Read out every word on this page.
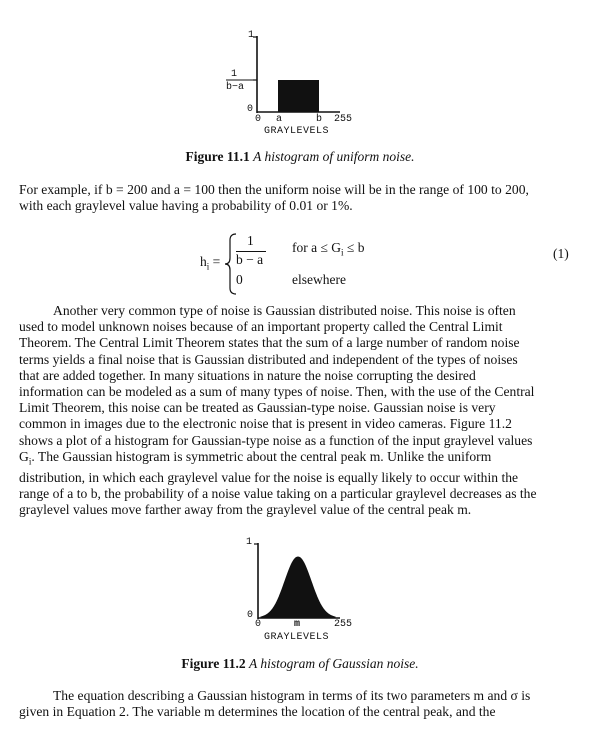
1
1
b−a
0
0 a	b 255
GRAYLEVELS
Figure 11.1 A histogram of uniform noise.
For example, if b = 200 and a = 100 then the uniform noise will be in the range of 100 to 200,
with each graylevel value having a probability of 0.01 or 1%.
$h_i$ =
1
b − a
0
for $a \le G_i \le b$
elsewhere
(1)
Another very common type of noise is Gaussian distributed noise. This noise is often
used to model unknown noises because of an important property called the Central Limit
Theorem. The Central Limit Theorem states that the sum of a large number of random noise
terms yields a final noise that is Gaussian distributed and independent of the types of noises
that are added together. In many situations in nature the noise corrupting the desired
information can be modeled as a sum of many types of noise. Then, with the use of the Central
Limit Theorem, this noise can be treated as Gaussian-type noise. Gaussian noise is very
common in images due to the electronic noise that is present in video cameras. Figure 11.2
shows a plot of a histogram for Gaussian-type noise as a function of the input graylevel values
$G_i$. The Gaussian histogram is symmetric about the central peak m. Unlike the uniform
distribution, in which each graylevel value for the noise is equally likely to occur within the
range of a to b, the probability of a noise value taking on a particular graylevel decreases as the
graylevel values move farther away from the graylevel value of the central peak m.
1
0
0	m	255
GRAYLEVELS
Figure 11.2 A histogram of Gaussian noise.
The equation describing a Gaussian histogram in terms of its two parameters m and σ is
given in Equation 2. The variable m determines the location of the central peak, and the
